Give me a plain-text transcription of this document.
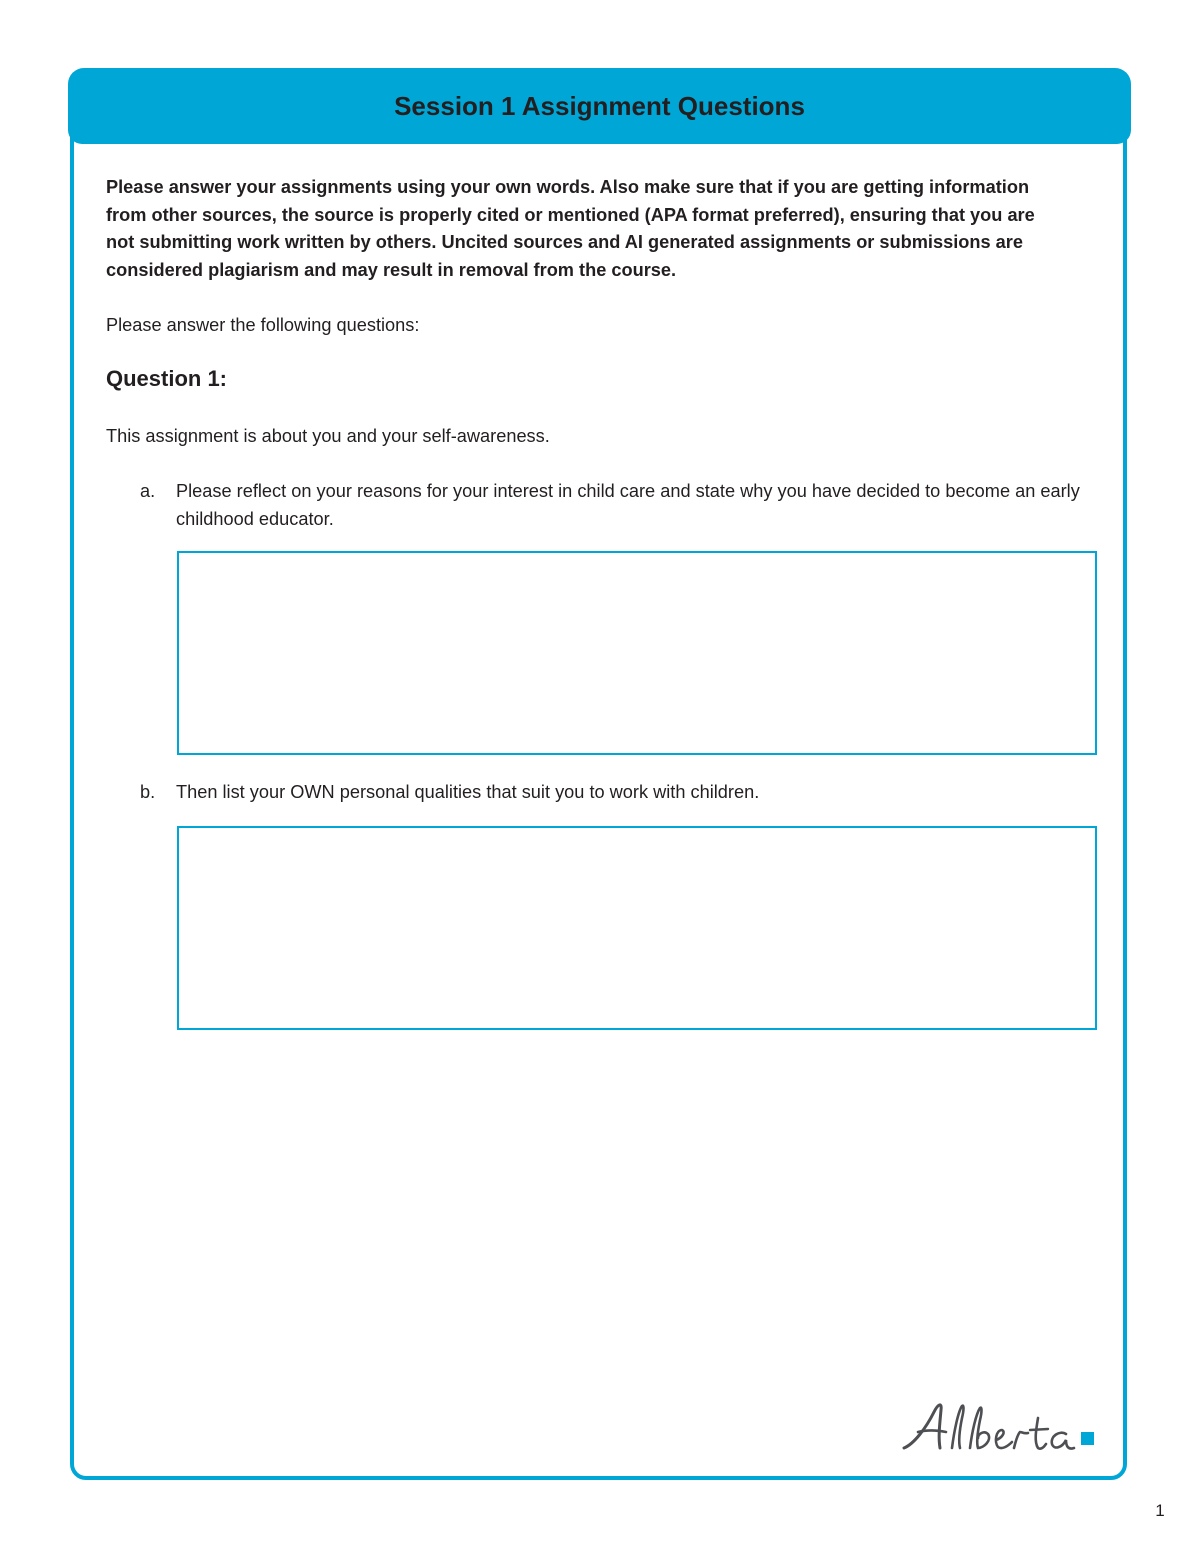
Session 1 Assignment Questions
Please answer your assignments using your own words. Also make sure that if you are getting information from other sources, the source is properly cited or mentioned (APA format preferred), ensuring that you are not submitting work written by others. Uncited sources and AI generated assignments or submissions are considered plagiarism and may result in removal from the course.
Please answer the following questions:
Question 1:
This assignment is about you and your self-awareness.
a. Please reflect on your reasons for your interest in child care and state why you have decided to become an early childhood educator.
b. Then list your OWN personal qualities that suit you to work with children.
1
